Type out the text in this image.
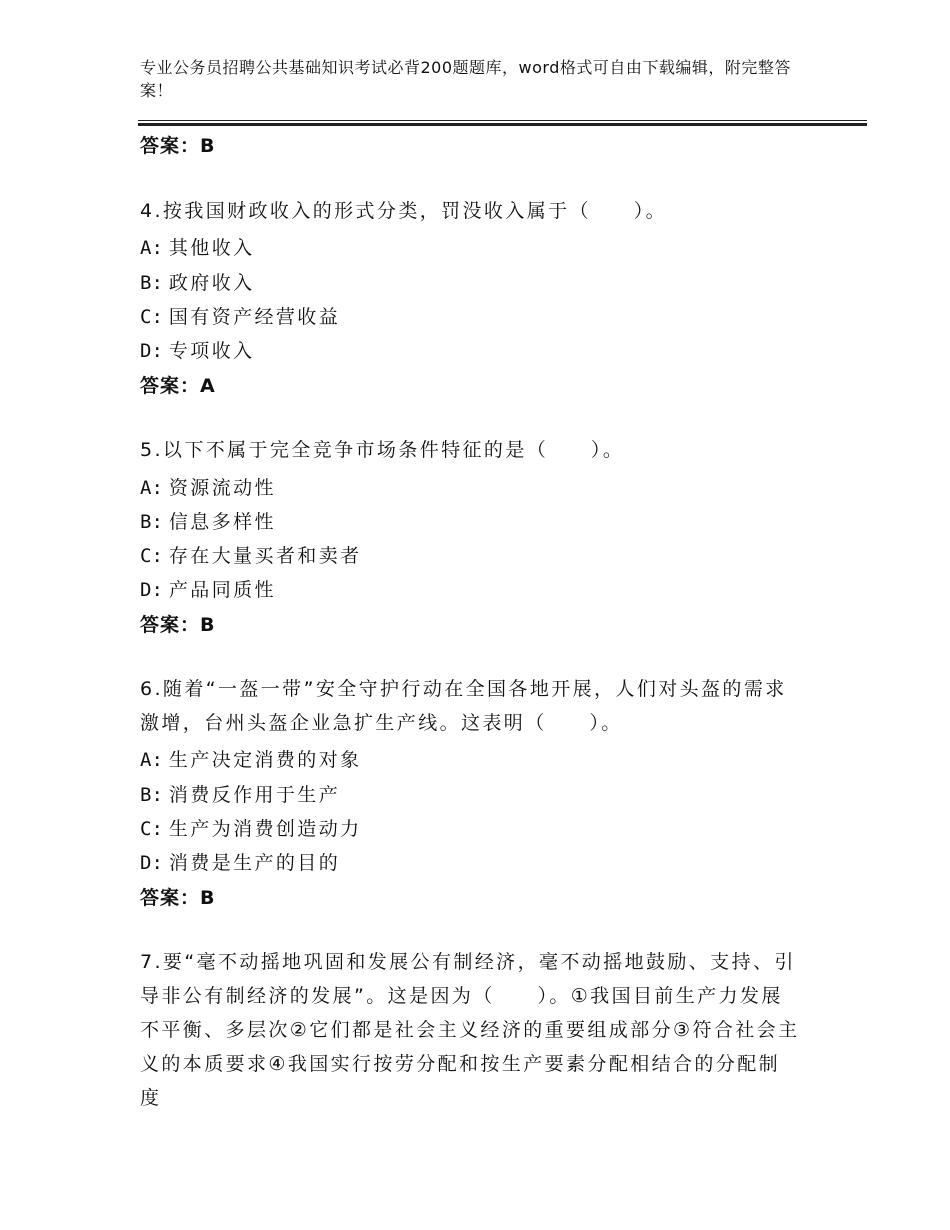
专业公务员招聘公共基础知识考试必背200题题库，word格式可自由下载编辑，附完整答案！
答案：B
4.按我国财政收入的形式分类，罚没收入属于（　　）。
A: 其他收入
B: 政府收入
C: 国有资产经营收益
D: 专项收入
答案：A
5.以下不属于完全竞争市场条件特征的是（　　）。
A: 资源流动性
B: 信息多样性
C: 存在大量买者和卖者
D: 产品同质性
答案：B
6.随着“一盔一带”安全守护行动在全国各地开展，人们对头盔的需求激增，台州头盔企业急扩生产线。这表明（　　）。
A: 生产决定消费的对象
B: 消费反作用于生产
C: 生产为消费创造动力
D: 消费是生产的目的
答案：B
7.要“毫不动摇地巩固和发展公有制经济，毫不动摇地鼓励、支持、引导非公有制经济的发展”。这是因为（　　）。①我国目前生产力发展不平衡、多层次②它们都是社会主义经济的重要组成部分③符合社会主义的本质要求④我国实行按劳分配和按生产要素分配相结合的分配制度
